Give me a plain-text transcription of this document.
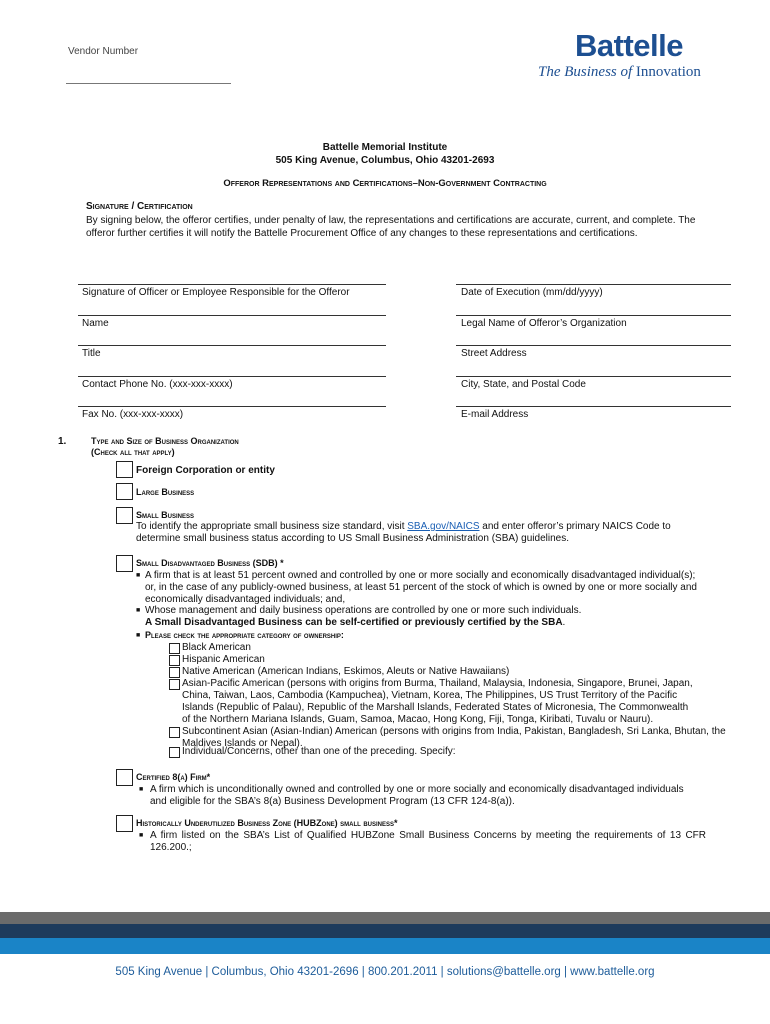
Vendor Number	Battelle
The Business of Innovation
Battelle Memorial Institute
505 King Avenue, Columbus, Ohio 43201-2693
Offeror Representations and Certifications–Non-Government Contracting
Signature / Certification
By signing below, the offeror certifies, under penalty of law, the representations and certifications are accurate, current, and complete. The offeror further certifies it will notify the Battelle Procurement Office of any changes to these representations and certifications.
Signature of Officer or Employee Responsible for the Offeror
Name
Title
Contact Phone No. (xxx-xxx-xxxx)
Fax No. (xxx-xxx-xxxx)
Date of Execution (mm/dd/yyyy)
Legal Name of Offeror’s Organization
Street Address
City, State, and Postal Code
E-mail Address
1.	Type and Size of Business Organization
(Check all that apply)
Foreign Corporation or entity
Large Business
Small Business
To identify the appropriate small business size standard, visit SBA.gov/NAICS and enter offeror’s primary NAICS Code to
determine small business status according to US Small Business Administration (SBA) guidelines.
Small Disadvantaged Business (SDB) *
■ A firm that is at least 51 percent owned and controlled by one or more socially and economically disadvantaged individual(s);
or, in the case of any publicly-owned business, at least 51 percent of the stock of which is owned by one or more socially and
economically disadvantaged individuals; and,
■ Whose management and daily business operations are controlled by one or more such individuals.
A Small Disadvantaged Business can be self-certified or previously certified by the SBA.
■ Please check the appropriate category of ownership:
Black American
Hispanic American
Native American (American Indians, Eskimos, Aleuts or Native Hawaiians)
Asian-Pacific American (persons with origins from Burma, Thailand, Malaysia, Indonesia, Singapore, Brunei, Japan,
China, Taiwan, Laos, Cambodia (Kampuchea), Vietnam, Korea, The Philippines, US Trust Territory of the Pacific
Islands (Republic of Palau), Republic of the Marshall Islands, Federated States of Micronesia, The Commonwealth
of the Northern Mariana Islands, Guam, Samoa, Macao, Hong Kong, Fiji, Tonga, Kiribati, Tuvalu or Nauru).
Subcontinent Asian (Asian-Indian) American (persons with origins from India, Pakistan, Bangladesh, Sri Lanka, Bhutan, the
Maldives Islands or Nepal).
Individual/Concerns, other than one of the preceding. Specify:
Certified 8(a) Firm*
■ A firm which is unconditionally owned and controlled by one or more socially and economically disadvantaged individuals
and eligible for the SBA’s 8(a) Business Development Program (13 CFR 124-8(a)).
Historically Underutilized Business Zone (HUBZone) small business*
■ A firm listed on the SBA’s List of Qualified HUBZone Small Business Concerns by meeting the requirements of 13 CFR
126.200.;
505 King Avenue | Columbus, Ohio 43201-2696 | 800.201.2011 | solutions@battelle.org | www.battelle.org
